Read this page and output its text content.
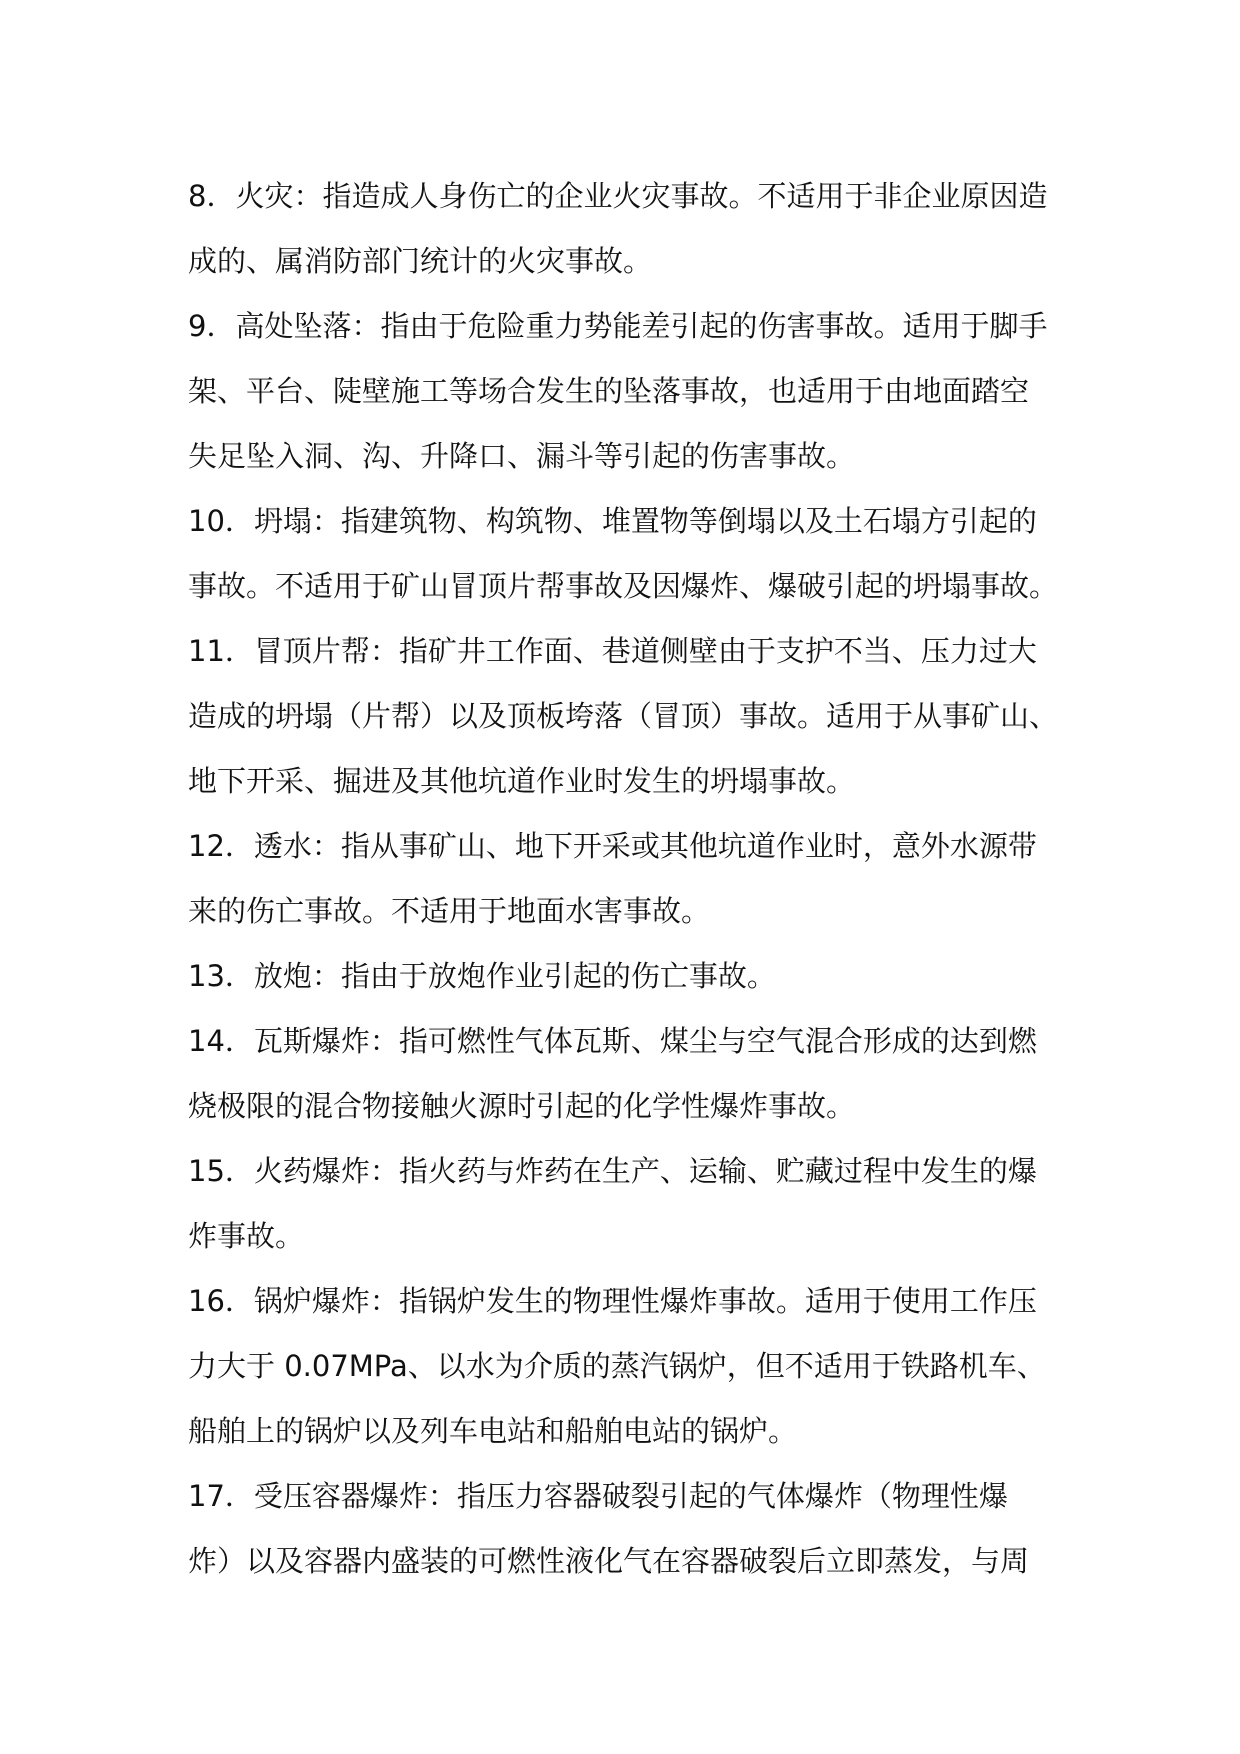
8．火灾：指造成人身伤亡的企业火灾事故。不适用于非企业原因造
成的、属消防部门统计的火灾事故。
9．高处坠落：指由于危险重力势能差引起的伤害事故。适用于脚手
架、平台、陡壁施工等场合发生的坠落事故，也适用于由地面踏空
失足坠入洞、沟、升降口、漏斗等引起的伤害事故。
10．坍塌：指建筑物、构筑物、堆置物等倒塌以及土石塌方引起的
事故。不适用于矿山冒顶片帮事故及因爆炸、爆破引起的坍塌事故。
11．冒顶片帮：指矿井工作面、巷道侧壁由于支护不当、压力过大
造成的坍塌（片帮）以及顶板垮落（冒顶）事故。适用于从事矿山、
地下开采、掘进及其他坑道作业时发生的坍塌事故。
12．透水：指从事矿山、地下开采或其他坑道作业时，意外水源带
来的伤亡事故。不适用于地面水害事故。
13．放炮：指由于放炮作业引起的伤亡事故。
14．瓦斯爆炸：指可燃性气体瓦斯、煤尘与空气混合形成的达到燃
烧极限的混合物接触火源时引起的化学性爆炸事故。
15．火药爆炸：指火药与炸药在生产、运输、贮藏过程中发生的爆
炸事故。
16．锅炉爆炸：指锅炉发生的物理性爆炸事故。适用于使用工作压
力大于 0.07MPa、以水为介质的蒸汽锅炉，但不适用于铁路机车、
船舶上的锅炉以及列车电站和船舶电站的锅炉。
17．受压容器爆炸：指压力容器破裂引起的气体爆炸（物理性爆
炸）以及容器内盛装的可燃性液化气在容器破裂后立即蒸发，与周
